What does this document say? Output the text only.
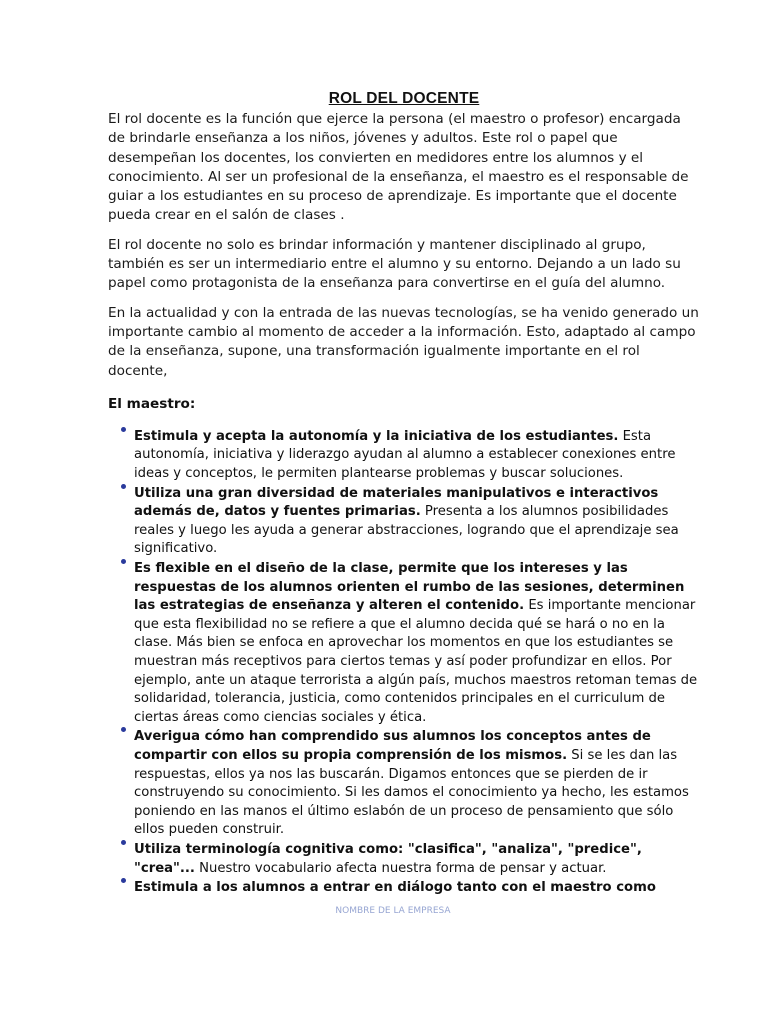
ROL DEL DOCENTE

El rol docente es la función que ejerce la persona (el maestro o profesor) encargada de brindarle enseñanza a los niños, jóvenes y adultos. Este rol o papel que desempeñan los docentes, los convierten en medidores entre los alumnos y el conocimiento. Al ser un profesional de la enseñanza, el maestro es el responsable de guiar a los estudiantes en su proceso de aprendizaje. Es importante que el docente pueda crear en el salón de clases .

El rol docente no solo es brindar información y mantener disciplinado al grupo, también es ser un intermediario entre el alumno y su entorno. Dejando a un lado su papel como protagonista de la enseñanza para convertirse en el guía del alumno.

En la actualidad y con la entrada de las nuevas tecnologías, se ha venido generado un importante cambio al momento de acceder a la información. Esto, adaptado al campo de la enseñanza, supone, una transformación igualmente importante en el rol docente,

El maestro:
Estimula y acepta la autonomía y la iniciativa de los estudiantes. Esta autonomía, iniciativa y liderazgo ayudan al alumno a establecer conexiones entre ideas y conceptos, le permiten plantearse problemas y buscar soluciones.
Utiliza una gran diversidad de materiales manipulativos e interactivos además de, datos y fuentes primarias. Presenta a los alumnos posibilidades reales y luego les ayuda a generar abstracciones, logrando que el aprendizaje sea significativo.
Es flexible en el diseño de la clase, permite que los intereses y las respuestas de los alumnos orienten el rumbo de las sesiones, determinen las estrategias de enseñanza y alteren el contenido. Es importante mencionar que esta flexibilidad no se refiere a que el alumno decida qué se hará o no en la clase. Más bien se enfoca en aprovechar los momentos en que los estudiantes se muestran más receptivos para ciertos temas y así poder profundizar en ellos. Por ejemplo, ante un ataque terrorista a algún país, muchos maestros retoman temas de solidaridad, tolerancia, justicia, como contenidos principales en el curriculum de ciertas áreas como ciencias sociales y ética.
Averigua cómo han comprendido sus alumnos los conceptos antes de compartir con ellos su propia comprensión de los mismos. Si se les dan las respuestas, ellos ya nos las buscarán. Digamos entonces que se pierden de ir construyendo su conocimiento. Si les damos el conocimiento ya hecho, les estamos poniendo en las manos el último eslabón de un proceso de pensamiento que sólo ellos pueden construir.
Utiliza terminología cognitiva como: "clasifica", "analiza", "predice", "crea"... Nuestro vocabulario afecta nuestra forma de pensar y actuar.
Estimula a los alumnos a entrar en diálogo tanto con el maestro como
NOMBRE DE LA EMPRESA
